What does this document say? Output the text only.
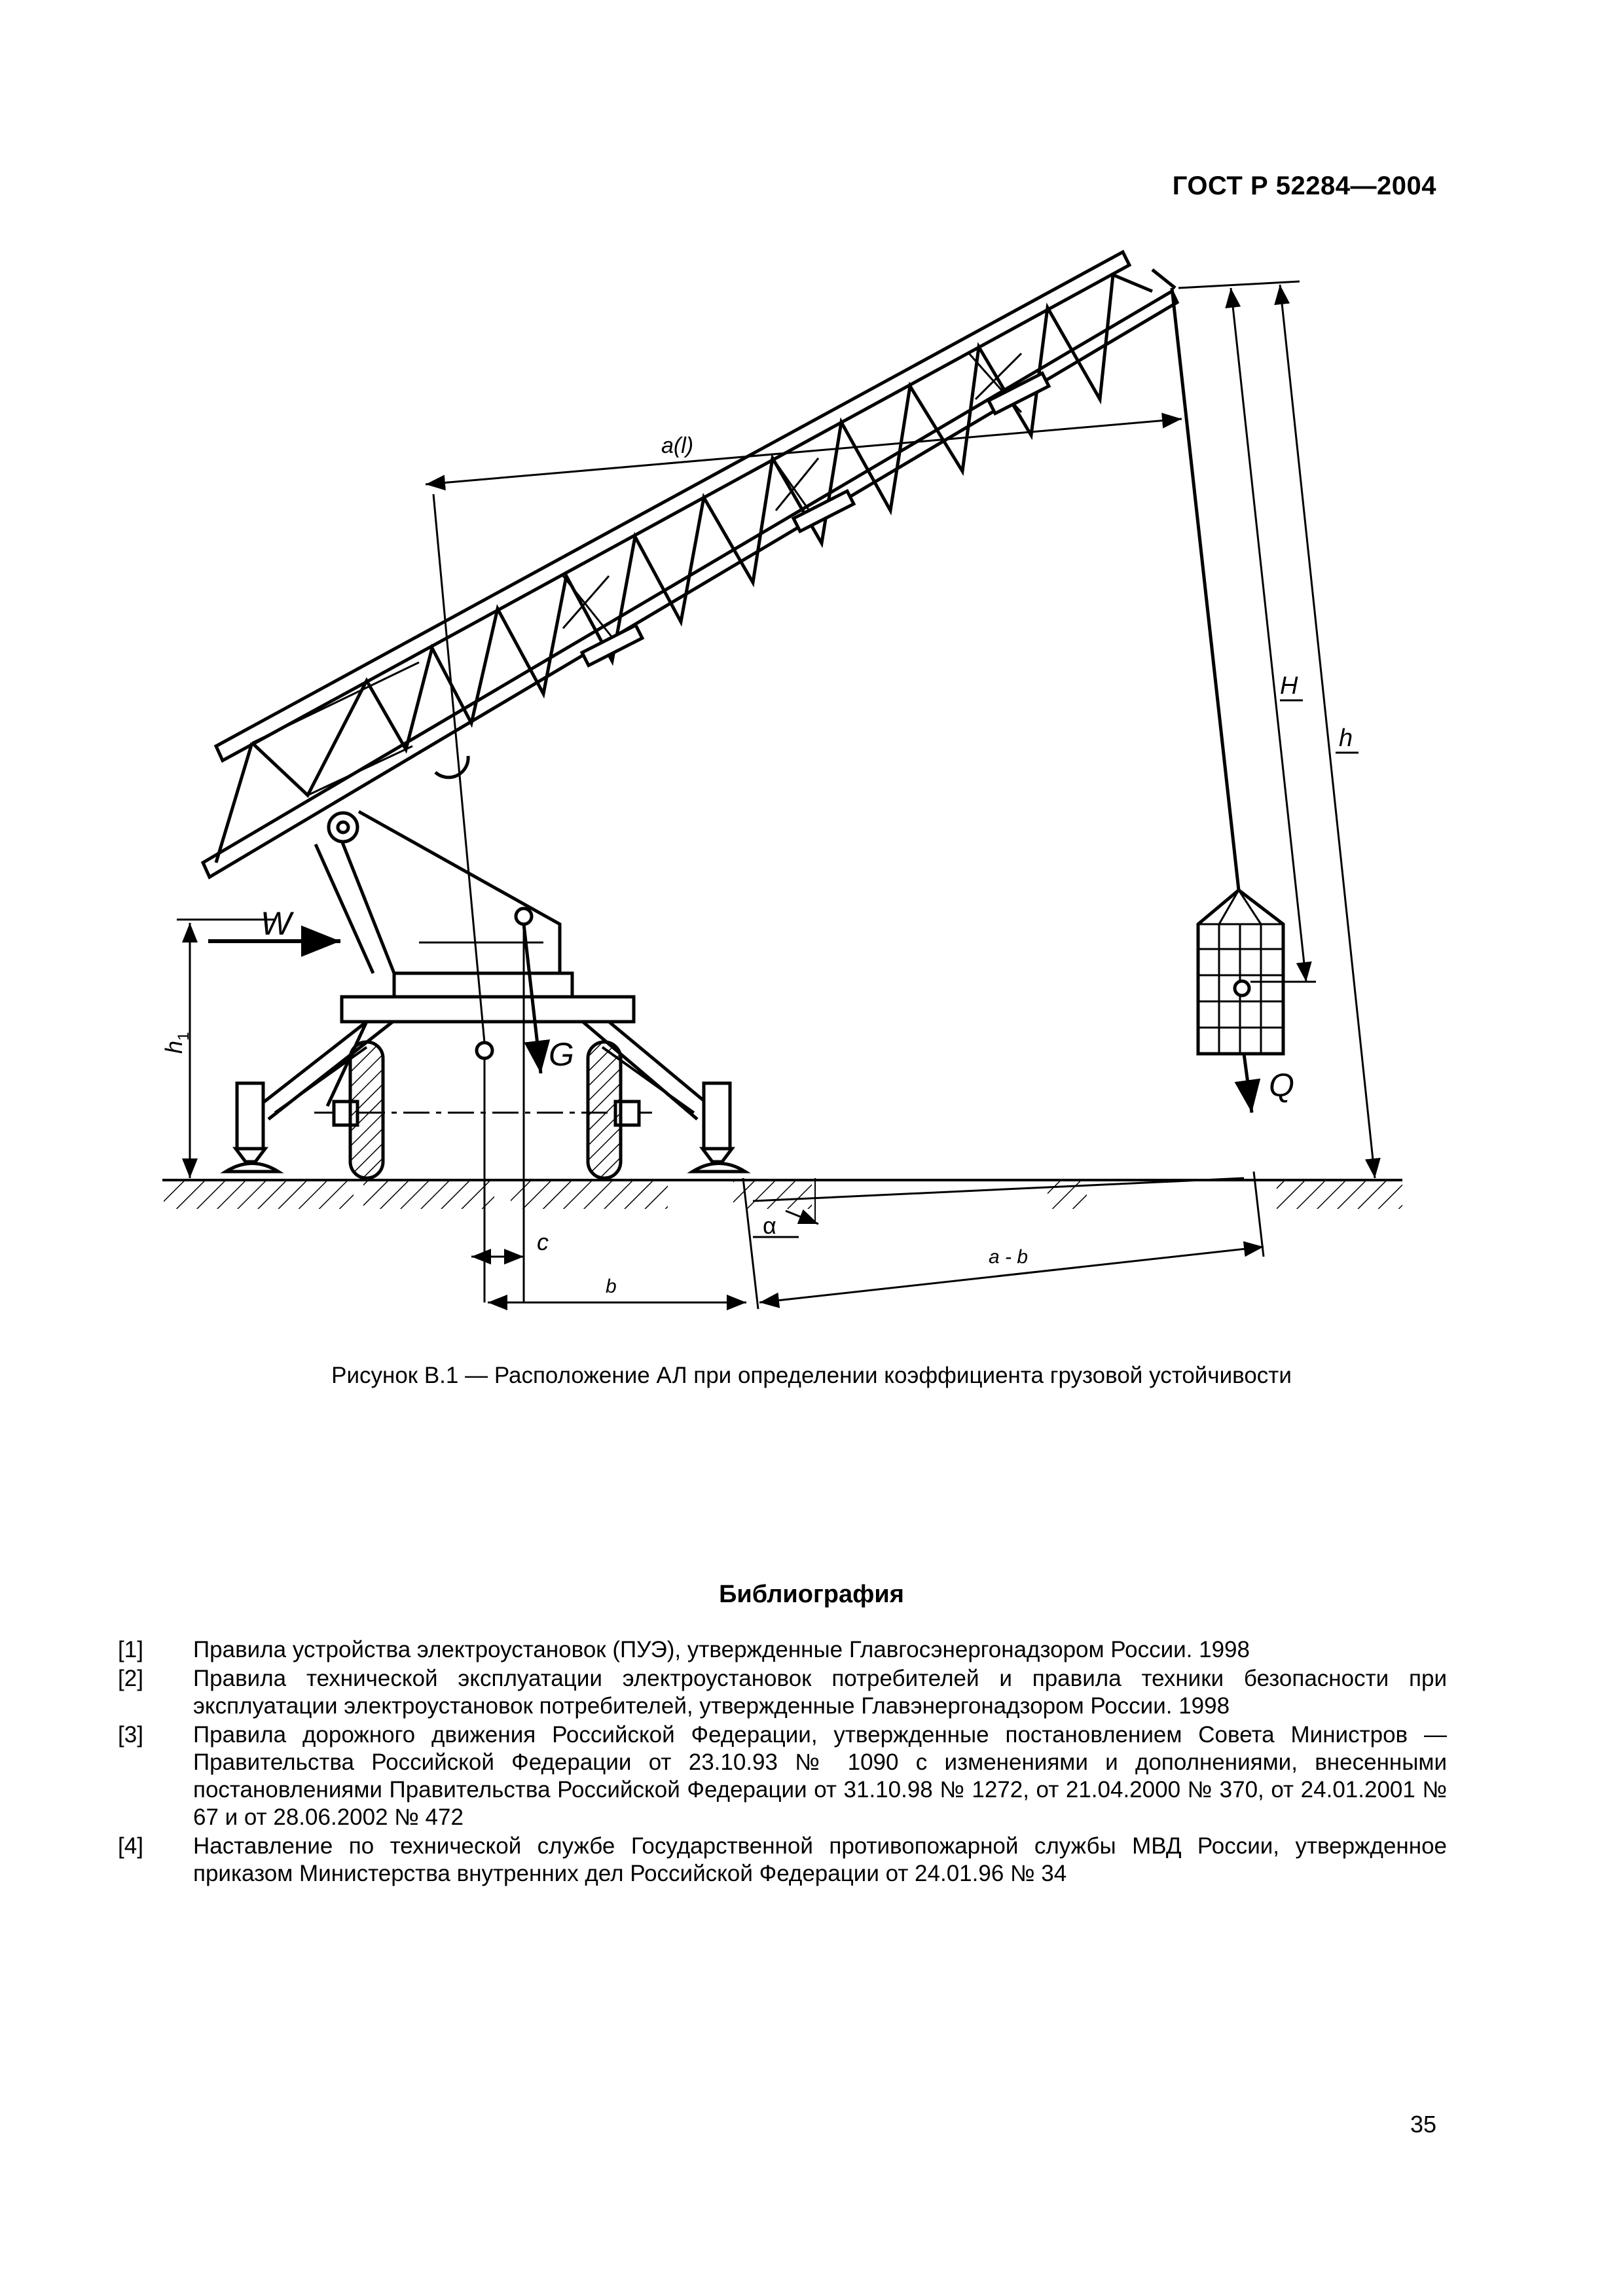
ГОСТ Р 52284—2004
a(l)
W
G
Q
H
h
h
1
α
c
b
a - b
Рисунок В.1 — Расположение АЛ при определении коэффициента грузовой устойчивости
Библиография
[1]	Правила устройства электроустановок (ПУЭ), утвержденные Главгосэнергонадзором России. 1998
[2]	Правила технической эксплуатации электроустановок потребителей и правила техники безопасности при эксплуатации электроустановок потребителей, утвержденные Главэнергонадзором России. 1998
[3]	Правила дорожного движения Российской Федерации, утвержденные постановлением Совета Министров — Правительства Российской Федерации от 23.10.93 № 1090 с изменениями и дополнениями, внесенными постановлениями Правительства Российской Федерации от 31.10.98 № 1272, от 21.04.2000 № 370, от 24.01.2001 № 67 и от 28.06.2002 № 472
[4]	Наставление по технической службе Государственной противопожарной службы МВД России, утвержденное приказом Министерства внутренних дел Российской Федерации от 24.01.96 № 34
35
